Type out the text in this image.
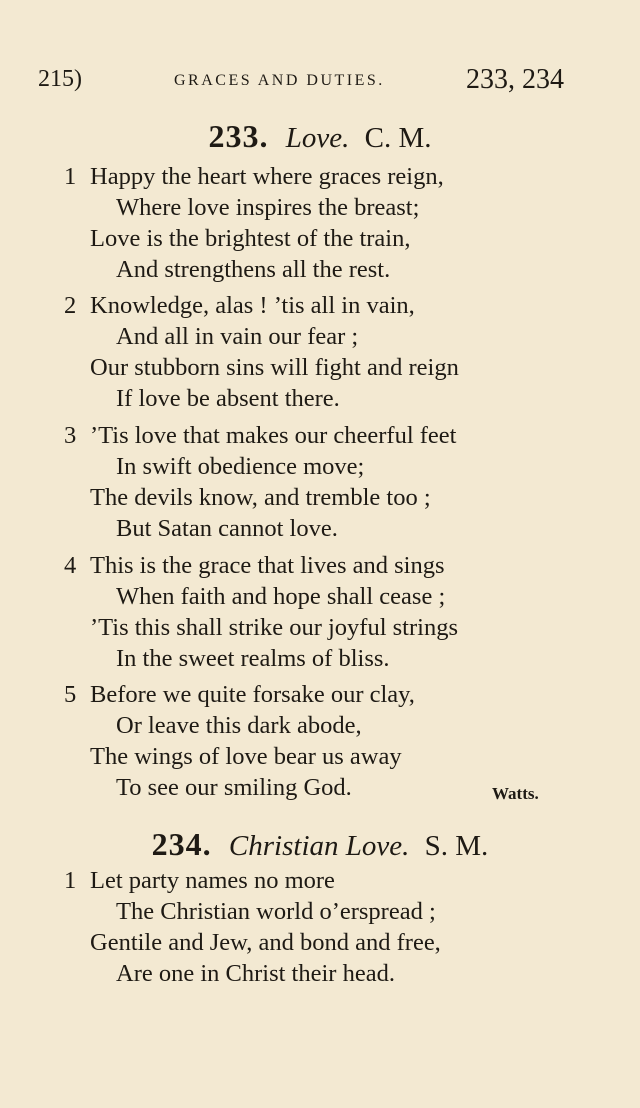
215)	GRACES AND DUTIES.	233, 234
233. Love. C. M.
1 Happy the heart where graces reign,
Where love inspires the breast;
Love is the brightest of the train,
And strengthens all the rest.
2 Knowledge, alas ! ’tis all in vain,
And all in vain our fear ;
Our stubborn sins will fight and reign
If love be absent there.
3 ’Tis love that makes our cheerful feet
In swift obedience move;
The devils know, and tremble too ;
But Satan cannot love.
4 This is the grace that lives and sings
When faith and hope shall cease ;
’Tis this shall strike our joyful strings
In the sweet realms of bliss.
5 Before we quite forsake our clay,
Or leave this dark abode,
The wings of love bear us away
To see our smiling God.	Watts.
234. Christian Love. S. M.
1 Let party names no more
The Christian world o’erspread ;
Gentile and Jew, and bond and free,
Are one in Christ their head.
